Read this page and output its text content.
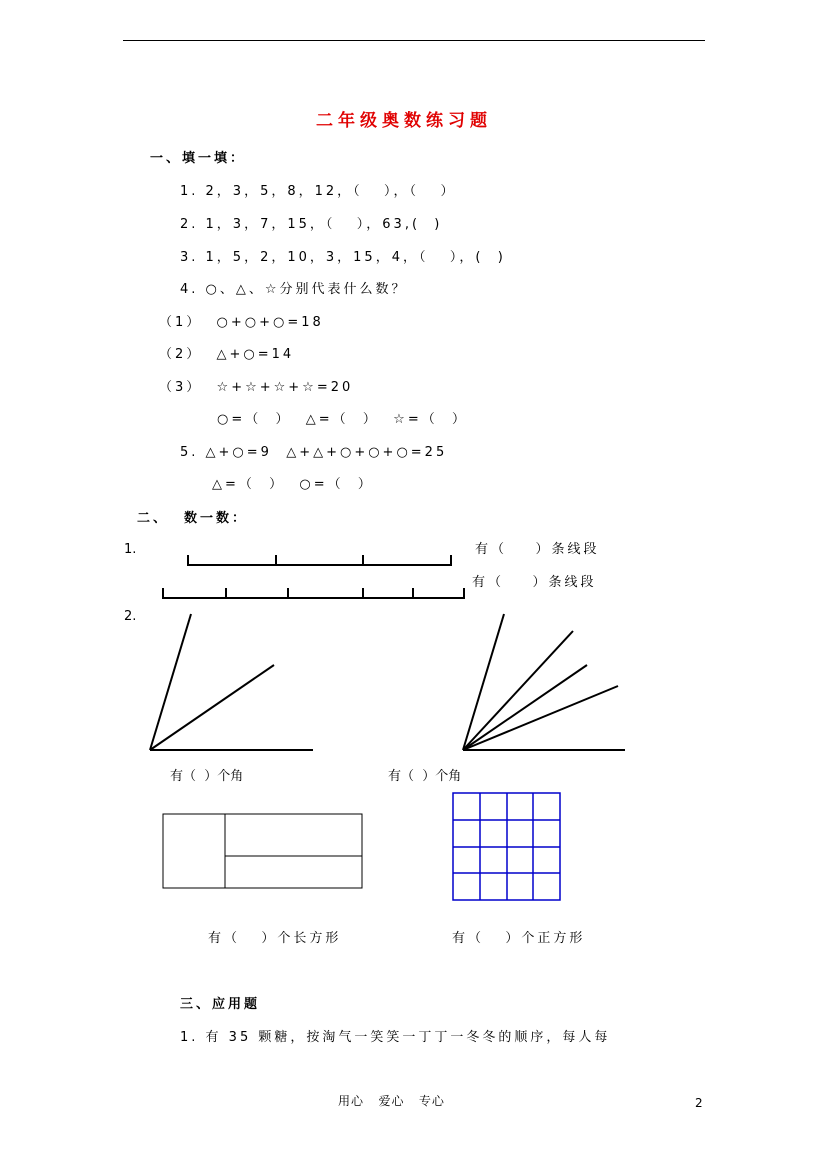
二年级奥数练习题
一、填一填：
1. 2，3，5，8，12，（   ），（   ）
2. 1，3，7，15，（   ），63,(  )
3. 1，5，2，10，3，15，4，（   ），(  )
4. ○、△、☆分别代表什么数？
（1）  ○+○+○=18
（2）  △+○=14
（3）  ☆+☆+☆+☆=20
○=（  ）  △=（  ）  ☆=（  ）
5. △+○=9  △+△+○+○+○=25
△=（  ）  ○=（  ）
二、  数一数：
1.	有（    ）条线段
有（    ）条线段
2.
有（  ）个角	有（  ）个角
有（   ）个长方形	有（   ）个正方形
三、应用题
1. 有 35 颗糖，按淘气一笑笑一丁丁一冬冬的顺序，每人每
用心   爱心   专心	2
